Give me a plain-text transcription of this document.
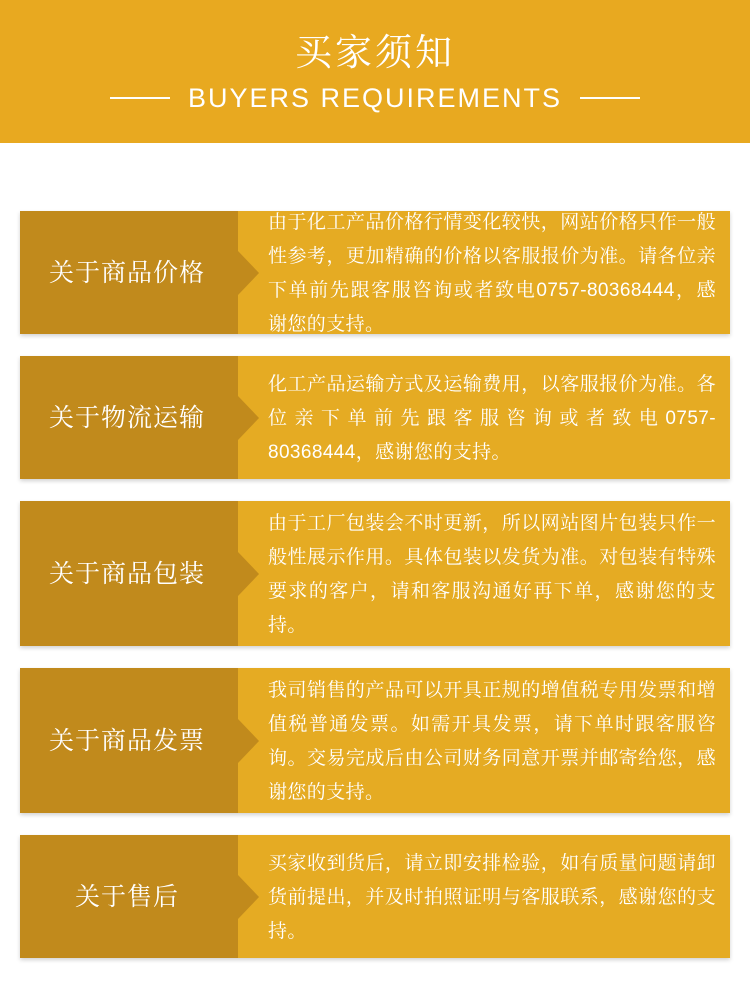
买家须知
BUYERS REQUIREMENTS
关于商品价格
由于化工产品价格行情变化较快，网站价格只作一般性参考，更加精确的价格以客服报价为准。请各位亲下单前先跟客服咨询或者致电0757-80368444，感谢您的支持。
关于物流运输
化工产品运输方式及运输费用，以客服报价为准。各位亲下单前先跟客服咨询或者致电0757-80368444，感谢您的支持。
关于商品包装
由于工厂包装会不时更新，所以网站图片包装只作一般性展示作用。具体包装以发货为准。对包装有特殊要求的客户，请和客服沟通好再下单，感谢您的支持。
关于商品发票
我司销售的产品可以开具正规的增值税专用发票和增值税普通发票。如需开具发票，请下单时跟客服咨询。交易完成后由公司财务同意开票并邮寄给您，感谢您的支持。
关于售后
买家收到货后，请立即安排检验，如有质量问题请卸货前提出，并及时拍照证明与客服联系，感谢您的支持。
